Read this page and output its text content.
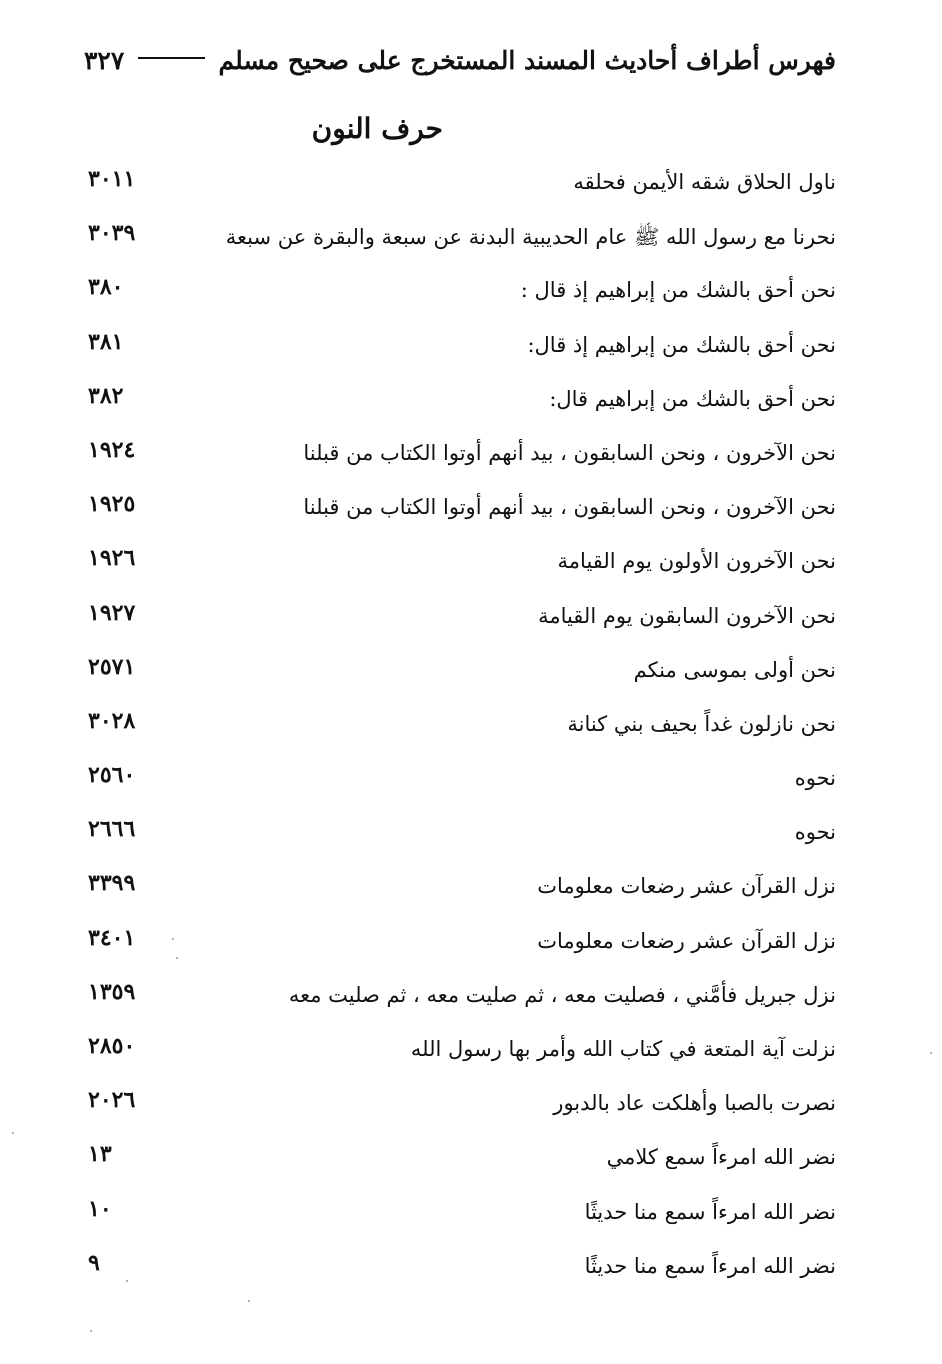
فهرس أطراف أحاديث المسند المستخرج على صحيح مسلم
٣٢٧
حرف النون
ناول الحلاق شقه الأيمن فحلقه
٣٠١١
نحرنا مع رسول الله ﷺ عام الحديبية البدنة عن سبعة والبقرة عن سبعة
٣٠٣٩
نحن أحق بالشك من إبراهيم إذ قال :
٣٨٠
نحن أحق بالشك من إبراهيم إذ قال:
٣٨١
نحن أحق بالشك من إبراهيم قال:
٣٨٢
نحن الآخرون ، ونحن السابقون ، بيد أنهم أوتوا الكتاب من قبلنا
١٩٢٤
نحن الآخرون ، ونحن السابقون ، بيد أنهم أوتوا الكتاب من قبلنا
١٩٢٥
نحن الآخرون الأولون يوم القيامة
١٩٢٦
نحن الآخرون السابقون يوم القيامة
١٩٢٧
نحن أولى بموسى منكم
٢٥٧١
نحن نازلون غداً بحيف بني كنانة
٣٠٢٨
نحوه
٢٥٦٠
نحوه
٢٦٦٦
نزل القرآن عشر رضعات معلومات
٣٣٩٩
نزل القرآن عشر رضعات معلومات
٣٤٠١
نزل جبريل فأمَّني ، فصليت معه ، ثم صليت معه ، ثم صليت معه
١٣٥٩
نزلت آية المتعة في كتاب الله وأمر بها رسول الله
٢٨٥٠
نصرت بالصبا وأهلكت عاد بالدبور
٢٠٢٦
نضر الله امرءاً سمع كلامي
١٣
نضر الله امرءاً سمع منا حديثًا
١٠
نضر الله امرءاً سمع منا حديثًا
٩
